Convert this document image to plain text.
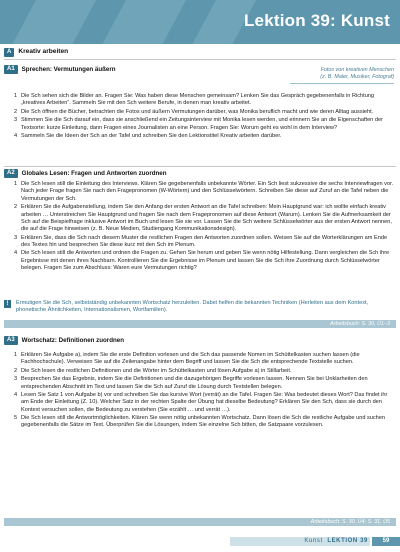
Lektion 39: Kunst
A	Kreativ arbeiten
A1	Sprechen: Vermutungen äußern	Fotos von kreativen Menschen
(z. B. Maler, Musiker, Fotograf)
1 Die Sch sehen sich die Bilder an. Fragen Sie: Was haben diese Menschen gemeinsam? Lenken Sie das Gespräch gegebenenfalls in Richtung „kreatives Arbeiten“. Sammeln Sie mit den Sch weitere Berufe, in denen man kreativ arbeitet.
2 Die Sch öffnen die Bücher, betrachten die Fotos und äußern Vermutungen darüber, was Monika beruflich macht und wie deren Alltag aussieht.
3 Stimmen Sie die Sch darauf ein, dass sie anschließend ein Zeitungsinterview mit Monika lesen werden, und erinnern Sie an die Eigenschaften der Textsorte: kurze Einleitung, dann Fragen eines Journalisten an eine Person. Fragen Sie: Worum geht es wohl in dem Interview?
4 Sammeln Sie die Ideen der Sch an der Tafel und schreiben Sie den Lektionstitel Kreativ arbeiten darüber.
A2	Globales Lesen: Fragen und Antworten zuordnen
1 Die Sch lesen still die Einleitung des Interviews. Klären Sie gegebenenfalls unbekannte Wörter. Ein Sch liest sukzessive die sechs Interviewfragen vor. Nach jeder Frage fragen Sie nach den Fragepronomen (W-Wörtern) und den Schlüsselwörtern. Schreiben Sie diese auf Zuruf an die Tafel neben die Vermutungen der Sch.
2 Erklären Sie die Aufgabenstellung, indem Sie den Anfang der ersten Antwort an die Tafel schreiben: Mein Hauptgrund war: ich wollte einfach kreativ arbeiten … Unterstreichen Sie Hauptgrund und fragen Sie nach dem Fragepronomen auf diese Antwort (Warum). Lenken Sie die Aufmerksamkeit der Sch auf die Beispielfrage inklusive Antwort im Buch und lesen Sie sie vor. Lassen Sie die Sch weitere Schlüsselwörter aus der ersten Antwort nennen, die auf die Frage hinweisen (z. B. Neue Medien, Studiengang Kommunikationsdesign).
3 Erklären Sie, dass die Sch nach diesem Muster die restlichen Fragen den Antworten zuordnen sollen. Weisen Sie auf die Worterklärungen am Ende des Textes hin und besprechen Sie diese kurz mit den Sch im Plenum.
4 Die Sch lesen still die Antworten und ordnen die Fragen zu. Gehen Sie herum und geben Sie wenn nötig Hilfestellung. Dann vergleichen die Sch ihre Ergebnisse mit denen ihres Nachbarn. Kontrollieren Sie die Ergebnisse im Plenum und lassen Sie die Sch ihre Zuordnung durch Schlüsselwörter belegen. Fragen Sie zum Abschluss: Waren eure Vermutungen richtig?
!	Ermutigen Sie die Sch, selbstständig unbekannten Wortschatz herzuleiten. Dabei helfen die bekannten Techniken (Herleiten aus dem Kontext, phonetische Ähnlichkeiten, Internationalismen, Wortfamilien).
Arbeitsbuch: S. 30, Ü1–3
A3	Wortschatz: Definitionen zuordnen
1 Erklären Sie Aufgabe a), indem Sie die erste Definition vorlesen und die Sch das passende Nomen im Schüttelkasten suchen lassen (die Fachhochschule). Verweisen Sie auf die Zeilenangabe hinter dem Begriff und lassen Sie die Sch die entsprechende Textstelle suchen.
2 Die Sch lesen die restlichen Definitionen und die Wörter im Schüttelkasten und lösen Aufgabe a) in Stillarbeit.
3 Besprechen Sie das Ergebnis, indem Sie die Definitionen und die dazugehörigen Begriffe vorlesen lassen. Nennen Sie bei Unklarheiten den entsprechenden Abschnitt im Text und lassen Sie die Sch auf Zuruf die Lösung durch Textstellen belegen.
4 Lesen Sie Satz 1 von Aufgabe b) vor und schreiben Sie das kursive Wort (verrät) an die Tafel. Fragen Sie: Was bedeutet dieses Wort? Das findet ihr am Ende der Einleitung (Z. 10). Welcher Satz in der rechten Spalte der Übung hat dieselbe Bedeutung? Erklären Sie den Sch, dass sie durch den Kontext versuchen sollen, die Bedeutung zu verstehen (Sie erzählt … und verrät …).
5 Die Sch lesen still die Antwortmöglichkeiten. Klären Sie wenn nötig unbekannten Wortschatz. Dann lösen die Sch die restliche Aufgabe und suchen gegebenenfalls die Sätze im Text. Überprüfen Sie die Lösungen, indem Sie einzelne Sch bitten, die Satzpaare vorzulesen.
Arbeitsbuch: S. 30, Ü4; S. 31, Ü5
Kunst LEKTION 39	59
